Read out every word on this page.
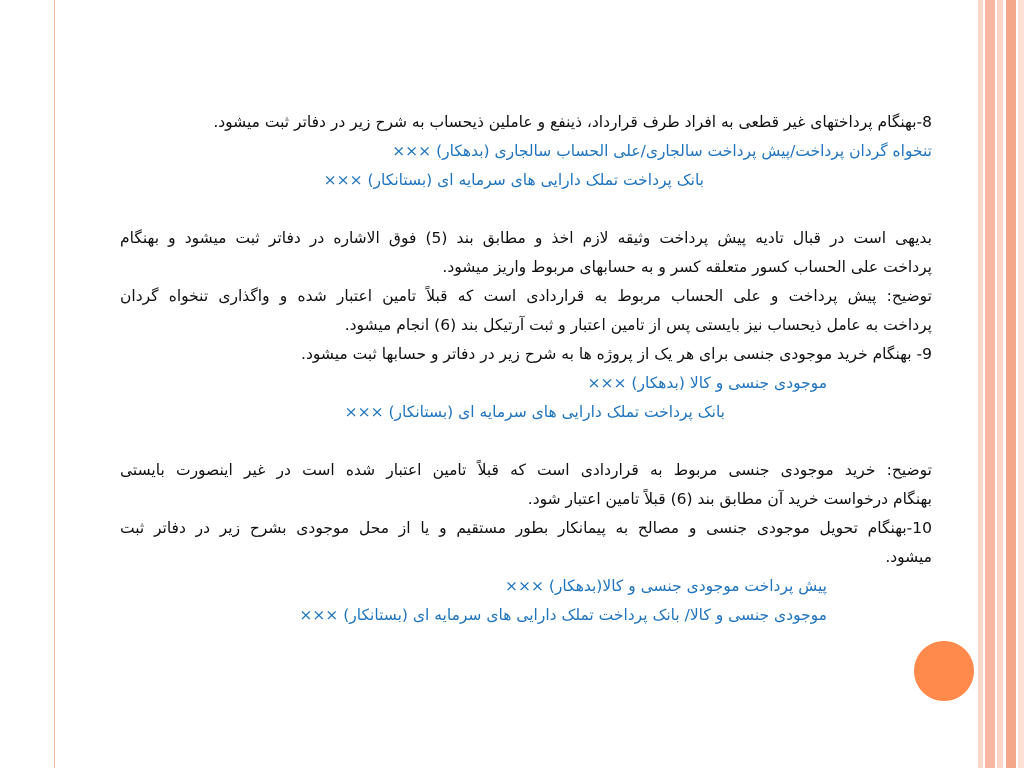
8-بهنگام پرداختهای غیر قطعی به افراد طرف قرارداد، ذینفع و عاملین ذیحساب به شرح زیر در دفاتر ثبت میشود.
تنخواه گردان پرداخت/پیش پرداخت سالجاری/علی الحساب سالجاری (بدهکار) ×××
بانک پرداخت تملک دارایی های سرمایه ای (بستانکار) ×××
بدیهی است در قبال تادیه پیش پرداخت وثیقه لازم اخذ و مطابق بند (5) فوق الاشاره در دفاتر ثبت میشود و بهنگام
پرداخت علی الحساب کسور متعلقه کسر و به حسابهای مربوط واریز میشود.
توضیح: پیش پرداخت و علی الحساب مربوط به قراردادی است که قبلاً تامین اعتبار شده و واگذاری تنخواه گردان
پرداخت به عامل ذیحساب نیز بایستی پس از تامین اعتبار و ثبت آرتیکل بند (6) انجام میشود.
9- بهنگام خرید موجودی جنسی برای هر یک از پروژه ها به شرح زیر در دفاتر و حسابها ثبت میشود.
موجودی جنسی و کالا (بدهکار) ×××
بانک پرداخت تملک دارایی های سرمایه ای (بستانکار) ×××
توضیح: خرید موجودی جنسی مربوط به قراردادی است که قبلاً تامین اعتبار شده است در غیر اینصورت بایستی
بهنگام درخواست خرید آن مطابق بند (6) قبلاً تامین اعتبار شود.
10-بهنگام تحویل موجودی جنسی و مصالح به پیمانکار بطور مستقیم و یا از محل موجودی بشرح زیر در دفاتر ثبت
میشود.
پیش پرداخت موجودی جنسی و کالا(بدهکار) ×××
موجودی جنسی و کالا/ بانک پرداخت تملک دارایی های سرمایه ای (بستانکار) ×××
